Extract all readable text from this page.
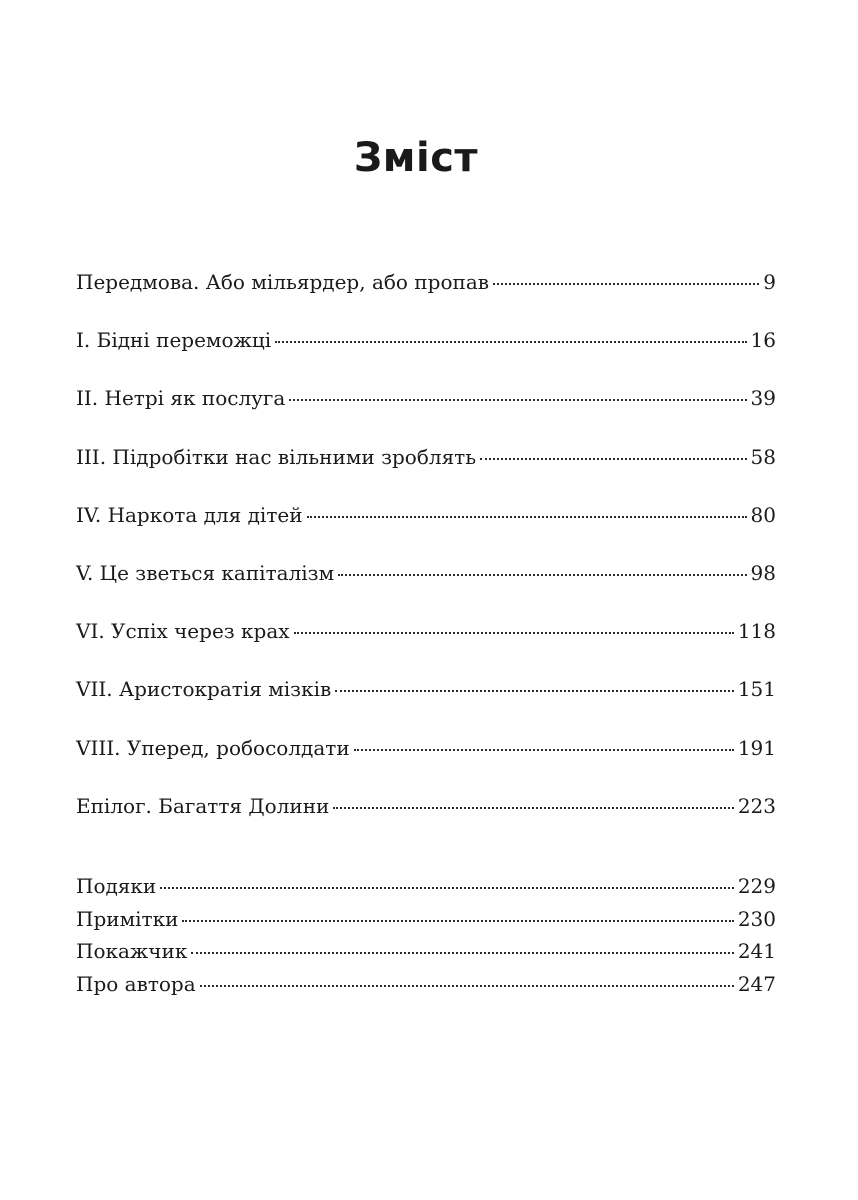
Зміст
Передмова. Або мільярдер, або пропав	9
I. Бідні переможці	16
II. Нетрі як послуга	39
III. Підробітки нас вільними зроблять	58
IV. Наркота для дітей	80
V. Це зветься капіталізм	98
VI. Успіх через крах	118
VII. Аристократія мізків	151
VIII. Уперед, робосолдати	191
Епілог. Багаття Долини	223
Подяки	229
Примітки	230
Покажчик	241
Про автора	247
